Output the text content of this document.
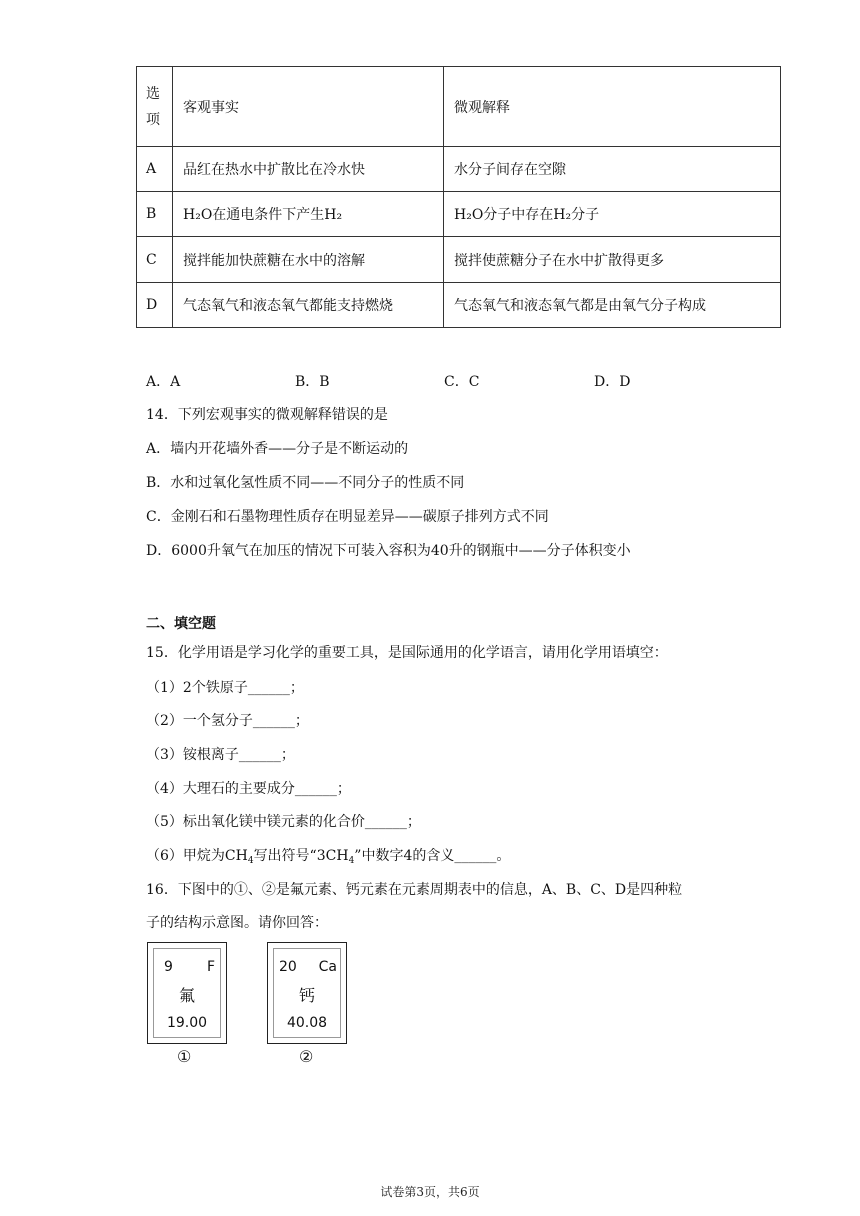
选
项	客观事实	微观解释
A	品红在热水中扩散比在冷水快	水分子间存在空隙
B	H₂O在通电条件下产生H₂	H₂O分子中存在H₂分子
C	搅拌能加快蔗糖在水中的溶解	搅拌使蔗糖分子在水中扩散得更多
D	气态氧气和液态氧气都能支持燃烧	气态氧气和液态氧气都是由氧气分子构成
A．A	B．B	C．C	D．D
14．下列宏观事实的微观解释错误的是
A．墙内开花墙外香——分子是不断运动的
B．水和过氧化氢性质不同——不同分子的性质不同
C．金刚石和石墨物理性质存在明显差异——碳原子排列方式不同
D．6000升氧气在加压的情况下可装入容积为40升的钢瓶中——分子体积变小
二、填空题
15．化学用语是学习化学的重要工具，是国际通用的化学语言，请用化学用语填空：
（1）2个铁原子______；
（2）一个氢分子______；
（3）铵根离子______；
（4）大理石的主要成分______；
（5）标出氧化镁中镁元素的化合价______；
（6）甲烷为$CH_4$写出符号“$3CH_4$”中数字4的含义______。
16．下图中的①、②是氟元素、钙元素在元素周期表中的信息，A、B、C、D是四种粒
子的结构示意图。请你回答：
9 F
氟
19.00
①
20 Ca
钙
40.08
②
试卷第3页，共6页
